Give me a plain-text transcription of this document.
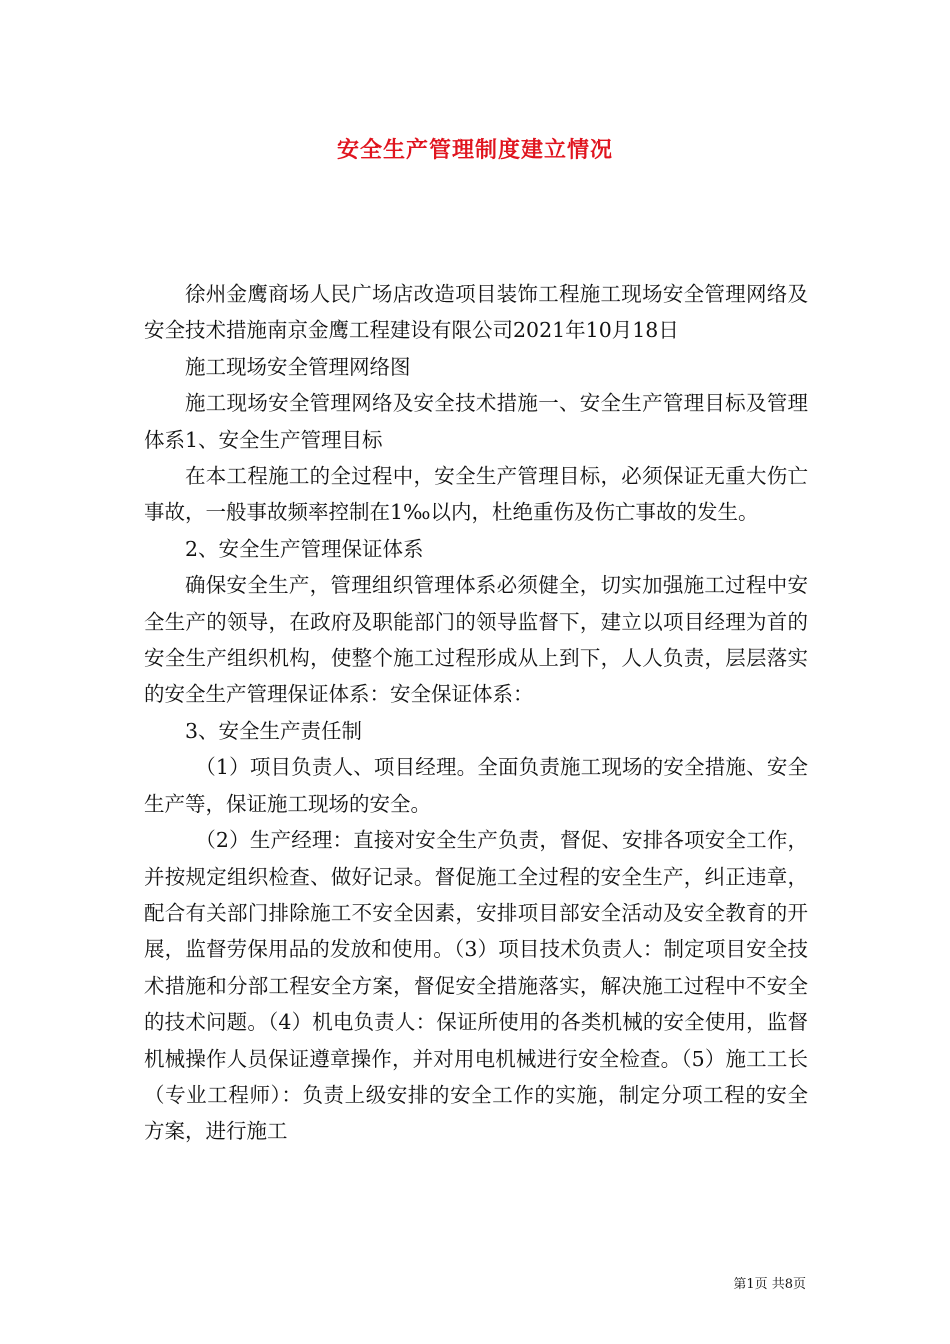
安全生产管理制度建立情况

徐州金鹰商场人民广场店改造项目装饰工程施工现场安全管理网络及安全技术措施南京金鹰工程建设有限公司2021年10月18日

施工现场安全管理网络图

施工现场安全管理网络及安全技术措施一、安全生产管理目标及管理体系1、安全生产管理目标

在本工程施工的全过程中，安全生产管理目标，必须保证无重大伤亡事故，一般事故频率控制在1‰以内，杜绝重伤及伤亡事故的发生。

2、安全生产管理保证体系

确保安全生产，管理组织管理体系必须健全，切实加强施工过程中安全生产的领导，在政府及职能部门的领导监督下，建立以项目经理为首的安全生产组织机构，使整个施工过程形成从上到下，人人负责，层层落实的安全生产管理保证体系：安全保证体系：

3、安全生产责任制

（1）项目负责人、项目经理。全面负责施工现场的安全措施、安全生产等，保证施工现场的安全。

（2）生产经理：直接对安全生产负责，督促、安排各项安全工作，并按规定组织检查、做好记录。督促施工全过程的安全生产，纠正违章，配合有关部门排除施工不安全因素，安排项目部安全活动及安全教育的开展，监督劳保用品的发放和使用。（3）项目技术负责人：制定项目安全技术措施和分部工程安全方案，督促安全措施落实，解决施工过程中不安全的技术问题。（4）机电负责人：保证所使用的各类机械的安全使用，监督机械操作人员保证遵章操作，并对用电机械进行安全检查。（5）施工工长（专业工程师）：负责上级安排的安全工作的实施，制定分项工程的安全方案，进行施工

第1页 共8页
